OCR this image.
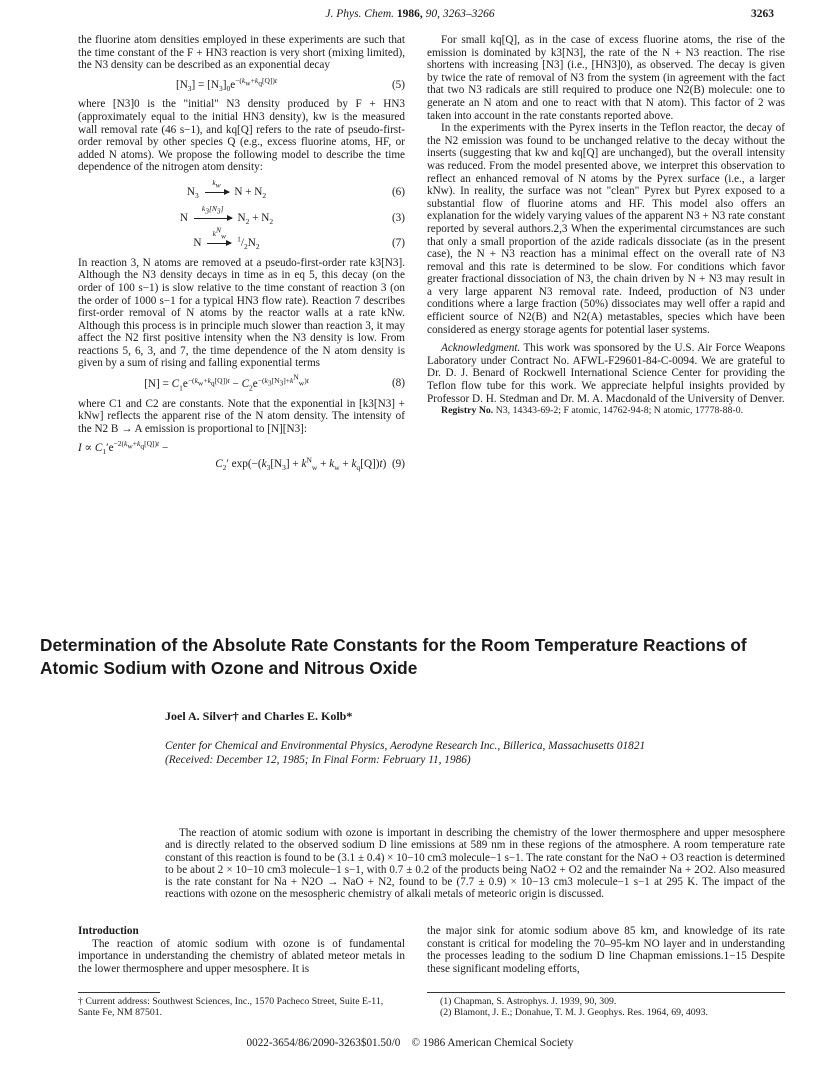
J. Phys. Chem. 1986, 90, 3263–3266	3263

the fluorine atom densities employed in these experiments are such that the time constant of the F + HN3 reaction is very short (mixing limited), the N3 density can be described as an exponential decay

$[N_3] = [N_3]_0e^{-(k_w+k_q[Q])t}$	(5)

where [N3]0 is the "initial" N3 density produced by F + HN3 (approximately equal to the initial HN3 density), kw is the measured wall removal rate (46 s−1), and kq[Q] refers to the rate of pseudo-first-order removal by other species Q (e.g., excess fluorine atoms, HF, or added N atoms). We propose the following model to describe the time dependence of the nitrogen atom density:

$N_3$
$k_w$
$N + N_2$	(6)
N
$k_3[N_3]$
$N_2 + N_2$	(3)
N
$k^N_w$	$^1/_2N_2$	(7)

In reaction 3, N atoms are removed at a pseudo-first-order rate k3[N3]. Although the N3 density decays in time as in eq 5, this decay (on the order of 100 s−1) is slow relative to the time constant of reaction 3 (on the order of 1000 s−1 for a typical HN3 flow rate). Reaction 7 describes first-order removal of N atoms by the reactor walls at a rate kNw. Although this process is in principle much slower than reaction 3, it may affect the N2 first positive intensity when the N3 density is low. From reactions 5, 6, 3, and 7, the time dependence of the N atom density is given by a sum of rising and falling exponential terms

$[N] = C_1e^{-(k_w+k_q[Q])t} - C_2e^{-(k_3[N_3]+k^N_w)t}$	(8)

where C1 and C2 are constants. Note that the exponential in [k3[N3] + kNw] reflects the apparent rise of the N atom density. The intensity of the N2 B → A emission is proportional to [N][N3]:

$I \propto C_1'e^{-2(k_w+k_q[Q])t}$ −
$C_2'$ $\exp(-(k_3[N_3] + k^N_w + k_w + k_q[Q])t)$ (9)

For small kq[Q], as in the case of excess fluorine atoms, the rise of the emission is dominated by k3[N3], the rate of the N + N3 reaction. The rise shortens with increasing [N3] (i.e., [HN3]0), as observed. The decay is given by twice the rate of removal of N3 from the system (in agreement with the fact that two N3 radicals are still required to produce one N2(B) molecule: one to generate an N atom and one to react with that N atom). This factor of 2 was taken into account in the rate constants reported above.

In the experiments with the Pyrex inserts in the Teflon reactor, the decay of the N2 emission was found to be unchanged relative to the decay without the inserts (suggesting that kw and kq[Q] are unchanged), but the overall intensity was reduced. From the model presented above, we interpret this observation to reflect an enhanced removal of N atoms by the Pyrex surface (i.e., a larger kNw). In reality, the surface was not "clean" Pyrex but Pyrex exposed to a substantial flow of fluorine atoms and HF. This model also offers an explanation for the widely varying values of the apparent N3 + N3 rate constant reported by several authors.2,3 When the experimental circumstances are such that only a small proportion of the azide radicals dissociate (as in the present case), the N + N3 reaction has a minimal effect on the overall rate of N3 removal and this rate is determined to be slow. For conditions which favor greater fractional dissociation of N3, the chain driven by N + N3 may result in a very large apparent N3 removal rate. Indeed, production of N3 under conditions where a large fraction (50%) dissociates may well offer a rapid and efficient source of N2(B) and N2(A) metastables, species which have been considered as energy storage agents for potential laser systems.

Acknowledgment. This work was sponsored by the U.S. Air Force Weapons Laboratory under Contract No. AFWL-F29601-84-C-0094. We are grateful to Dr. D. J. Benard of Rockwell International Science Center for providing the Teflon flow tube for this work. We appreciate helpful insights provided by Professor D. H. Stedman and Dr. M. A. Macdonald of the University of Denver.

Registry No. N3, 14343-69-2; F atomic, 14762-94-8; N atomic, 17778-88-0.

Determination of the Absolute Rate Constants for the Room Temperature Reactions of Atomic Sodium with Ozone and Nitrous Oxide
Joel A. Silver† and Charles E. Kolb*
Center for Chemical and Environmental Physics, Aerodyne Research Inc., Billerica, Massachusetts 01821
(Received: December 12, 1985; In Final Form: February 11, 1986)

The reaction of atomic sodium with ozone is important in describing the chemistry of the lower thermosphere and upper mesosphere and is directly related to the observed sodium D line emissions at 589 nm in these regions of the atmosphere. A room temperature rate constant of this reaction is found to be (3.1 ± 0.4) × 10−10 cm3 molecule−1 s−1. The rate constant for the NaO + O3 reaction is determined to be about 2 × 10−10 cm3 molecule−1 s−1, with 0.7 ± 0.2 of the products being NaO2 + O2 and the remainder Na + 2O2. Also measured is the rate constant for Na + N2O → NaO + N2, found to be (7.7 ± 0.9) × 10−13 cm3 molecule−1 s−1 at 295 K. The impact of the reactions with ozone on the mesospheric chemistry of alkali metals of meteoric origin is discussed.

Introduction

The reaction of atomic sodium with ozone is of fundamental importance in understanding the chemistry of ablated meteor metals in the lower thermosphere and upper mesosphere. It is

the major sink for atomic sodium above 85 km, and knowledge of its rate constant is critical for modeling the 70–95-km NO layer and in understanding the processes leading to the sodium D line Chapman emissions.1−15 Despite these significant modeling efforts,

† Current address: Southwest Sciences, Inc., 1570 Pacheco Street, Suite E-11, Sante Fe, NM 87501.
(1) Chapman, S. Astrophys. J. 1939, 90, 309.
(2) Blamont, J. E.; Donahue, T. M. J. Geophys. Res. 1964, 69, 4093.
0022-3654/86/2090-3263$01.50/0 © 1986 American Chemical Society
